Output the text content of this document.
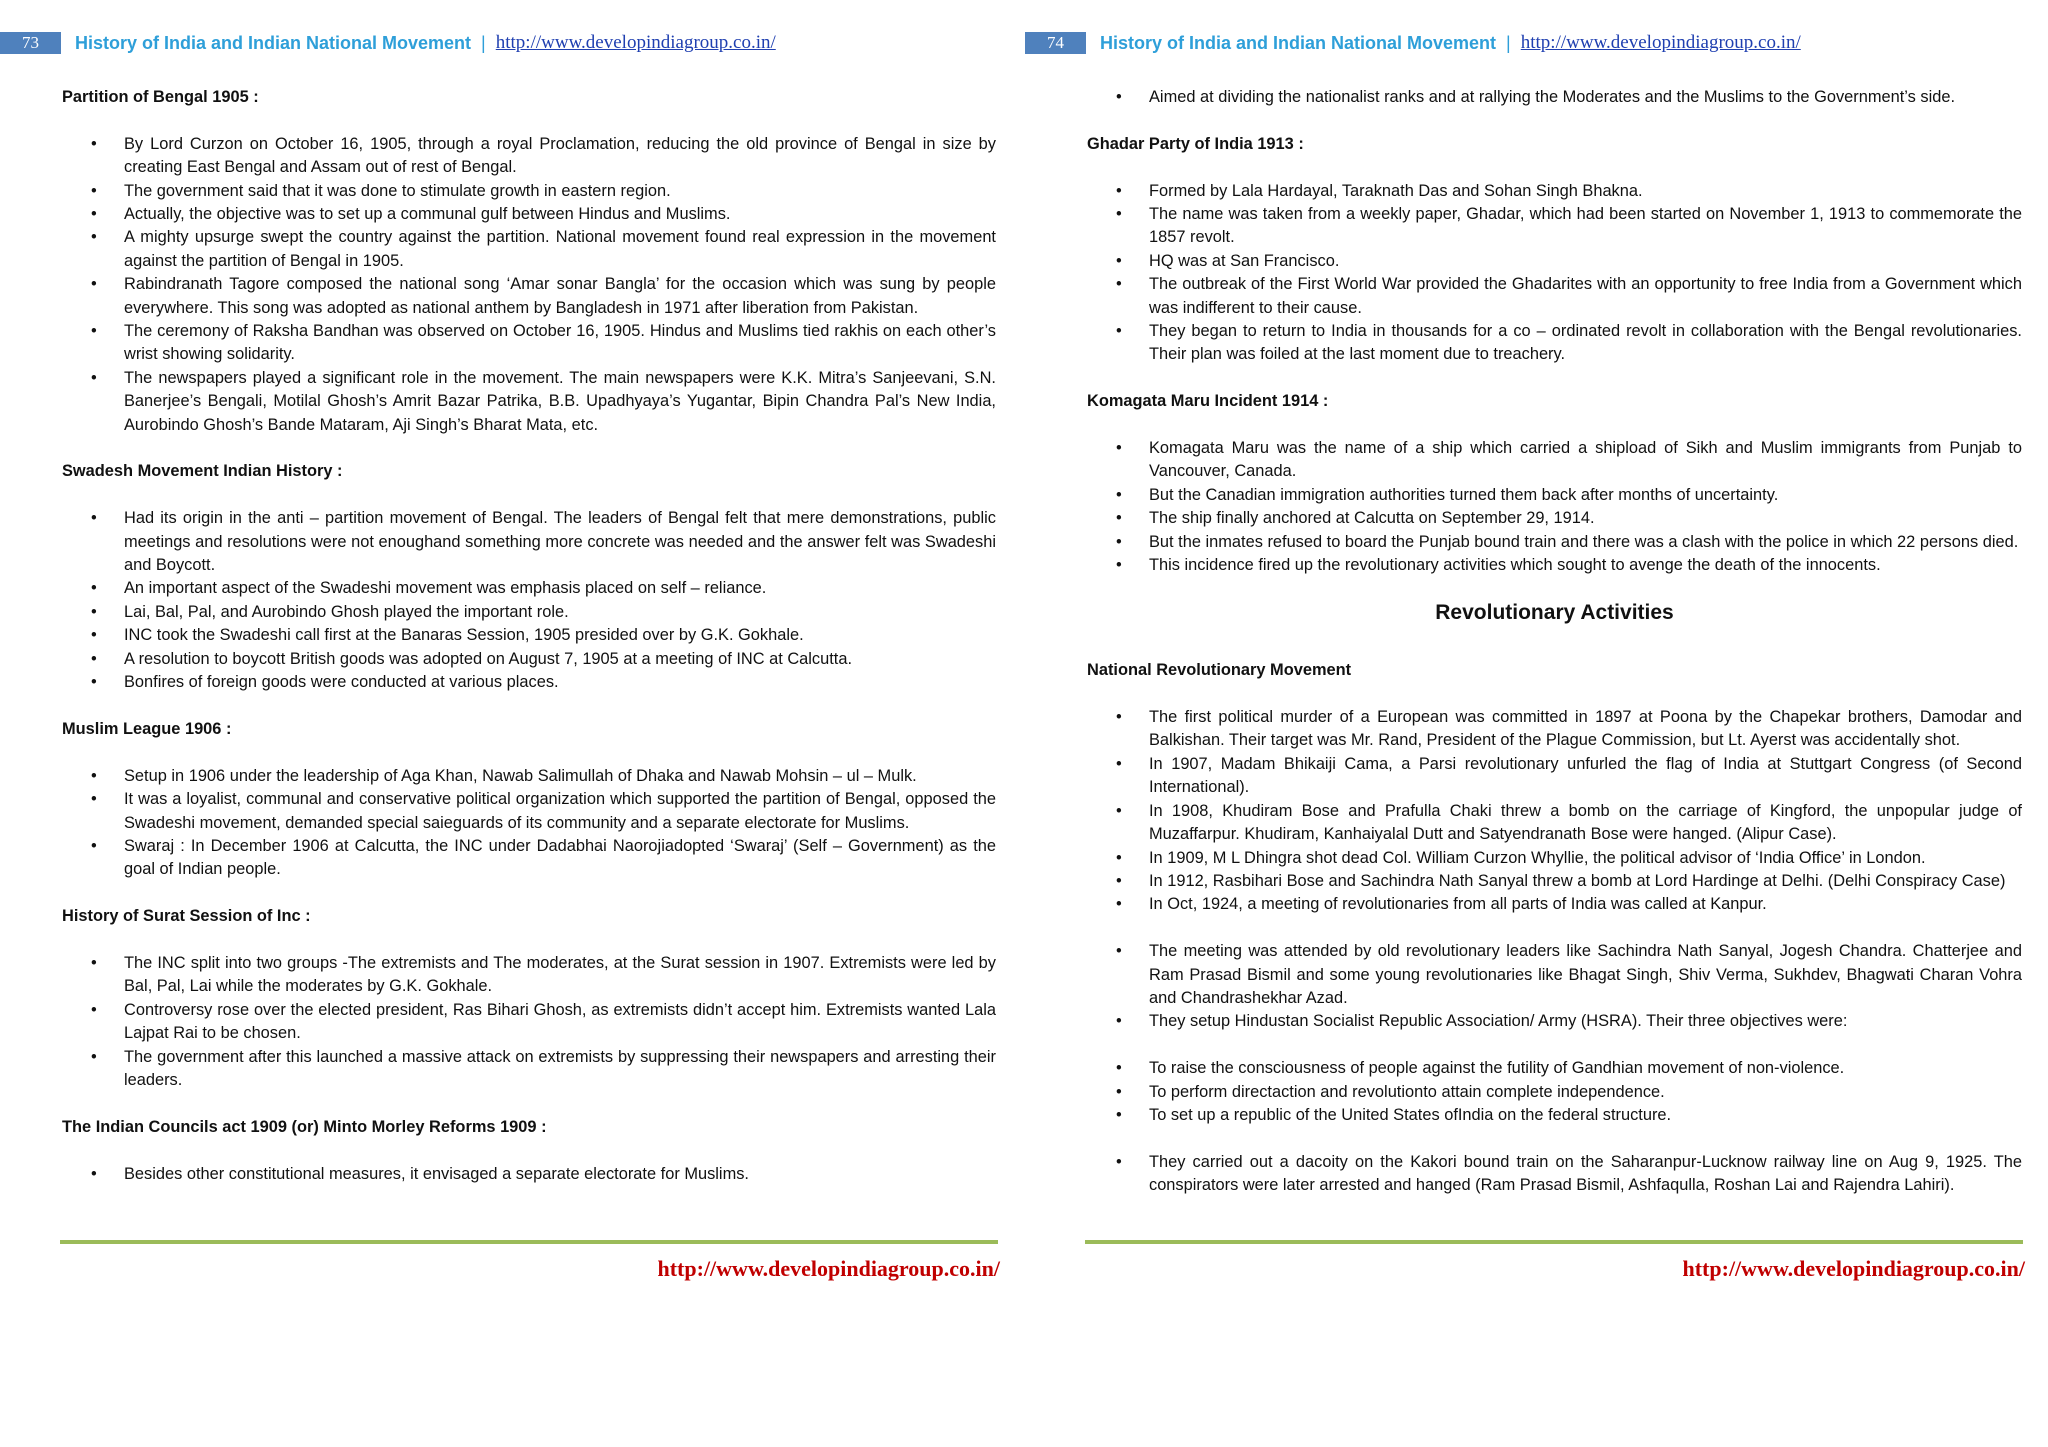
73	History of India and Indian National Movement | http://www.developindiagroup.co.in/

Partition of Bengal 1905 :

• By Lord Curzon on October 16, 1905, through a royal Proclamation, reducing the old province of Bengal in size by creating East Bengal and Assam out of rest of Bengal.
• The government said that it was done to stimulate growth in eastern region.
• Actually, the objective was to set up a communal gulf between Hindus and Muslims.
• A mighty upsurge swept the country against the partition. National movement found real expression in the movement against the partition of Bengal in 1905.
• Rabindranath Tagore composed the national song ‘Amar sonar Bangla’ for the occasion which was sung by people everywhere. This song was adopted as national anthem by Bangladesh in 1971 after liberation from Pakistan.
• The ceremony of Raksha Bandhan was observed on October 16, 1905. Hindus and Muslims tied rakhis on each other’s wrist showing solidarity.
• The newspapers played a significant role in the movement. The main newspapers were K.K. Mitra’s Sanjeevani, S.N. Banerjee’s Bengali, Motilal Ghosh’s Amrit Bazar Patrika, B.B. Upadhyaya’s Yugantar, Bipin Chandra Pal’s New India, Aurobindo Ghosh’s Bande Mataram, Aji Singh’s Bharat Mata, etc.

Swadesh Movement Indian History :

• Had its origin in the anti – partition movement of Bengal. The leaders of Bengal felt that mere demonstrations, public meetings and resolutions were not enoughand something more concrete was needed and the answer felt was Swadeshi and Boycott.
• An important aspect of the Swadeshi movement was emphasis placed on self – reliance.
• Lai, Bal, Pal, and Aurobindo Ghosh played the important role.
• INC took the Swadeshi call first at the Banaras Session, 1905 presided over by G.K. Gokhale.
• A resolution to boycott British goods was adopted on August 7, 1905 at a meeting of INC at Calcutta.
• Bonfires of foreign goods were conducted at various places.

Muslim League 1906 :

• Setup in 1906 under the leadership of Aga Khan, Nawab Salimullah of Dhaka and Nawab Mohsin – ul – Mulk.
• It was a loyalist, communal and conservative political organization which supported the partition of Bengal, opposed the Swadeshi movement, demanded special saieguards of its community and a separate electorate for Muslims.
• Swaraj : In December 1906 at Calcutta, the INC under Dadabhai Naorojiadopted ‘Swaraj’ (Self – Government) as the goal of Indian people.

History of Surat Session of Inc :

• The INC split into two groups -The extremists and The moderates, at the Surat session in 1907. Extremists were led by Bal, Pal, Lai while the moderates by G.K. Gokhale.
• Controversy rose over the elected president, Ras Bihari Ghosh, as extremists didn’t accept him. Extremists wanted Lala Lajpat Rai to be chosen.
• The government after this launched a massive attack on extremists by suppressing their newspapers and arresting their leaders.

The Indian Councils act 1909 (or) Minto Morley Reforms 1909 :

• Besides other constitutional measures, it envisaged a separate electorate for Muslims.
http://www.developindiagroup.co.in/
74	History of India and Indian National Movement | http://www.developindiagroup.co.in/
• Aimed at dividing the nationalist ranks and at rallying the Moderates and the Muslims to the Government’s side.

Ghadar Party of India 1913 :

• Formed by Lala Hardayal, Taraknath Das and Sohan Singh Bhakna.
• The name was taken from a weekly paper, Ghadar, which had been started on November 1, 1913 to commemorate the 1857 revolt.
• HQ was at San Francisco.
• The outbreak of the First World War provided the Ghadarites with an opportunity to free India from a Government which was indifferent to their cause.
• They began to return to India in thousands for a co – ordinated revolt in collaboration with the Bengal revolutionaries. Their plan was foiled at the last moment due to treachery.

Komagata Maru Incident 1914 :

• Komagata Maru was the name of a ship which carried a shipload of Sikh and Muslim immigrants from Punjab to Vancouver, Canada.
• But the Canadian immigration authorities turned them back after months of uncertainty.
• The ship finally anchored at Calcutta on September 29, 1914.
• But the inmates refused to board the Punjab bound train and there was a clash with the police in which 22 persons died.
• This incidence fired up the revolutionary activities which sought to avenge the death of the innocents.
Revolutionary Activities

National Revolutionary Movement

• The first political murder of a European was committed in 1897 at Poona by the Chapekar brothers, Damodar and Balkishan. Their target was Mr. Rand, President of the Plague Commission, but Lt. Ayerst was accidentally shot.
• In 1907, Madam Bhikaiji Cama, a Parsi revolutionary unfurled the flag of India at Stuttgart Congress (of Second International).
• In 1908, Khudiram Bose and Prafulla Chaki threw a bomb on the carriage of Kingford, the unpopular judge of Muzaffarpur. Khudiram, Kanhaiyalal Dutt and Satyendranath Bose were hanged. (Alipur Case).
• In 1909, M L Dhingra shot dead Col. William Curzon Whyllie, the political advisor of ‘India Office’ in London.
• In 1912, Rasbihari Bose and Sachindra Nath Sanyal threw a bomb at Lord Hardinge at Delhi. (Delhi Conspiracy Case)
• In Oct, 1924, a meeting of revolutionaries from all parts of India was called at Kanpur.
• The meeting was attended by old revolutionary leaders like Sachindra Nath Sanyal, Jogesh Chandra. Chatterjee and Ram Prasad Bismil and some young revolutionaries like Bhagat Singh, Shiv Verma, Sukhdev, Bhagwati Charan Vohra and Chandrashekhar Azad.
• They setup Hindustan Socialist Republic Association/ Army (HSRA). Their three objectives were:
• To raise the consciousness of people against the futility of Gandhian movement of non-violence.
• To perform directaction and revolutionto attain complete independence.
• To set up a republic of the United States ofIndia on the federal structure.
• They carried out a dacoity on the Kakori bound train on the Saharanpur-Lucknow railway line on Aug 9, 1925. The conspirators were later arrested and hanged (Ram Prasad Bismil, Ashfaqulla, Roshan Lai and Rajendra Lahiri).
http://www.developindiagroup.co.in/
